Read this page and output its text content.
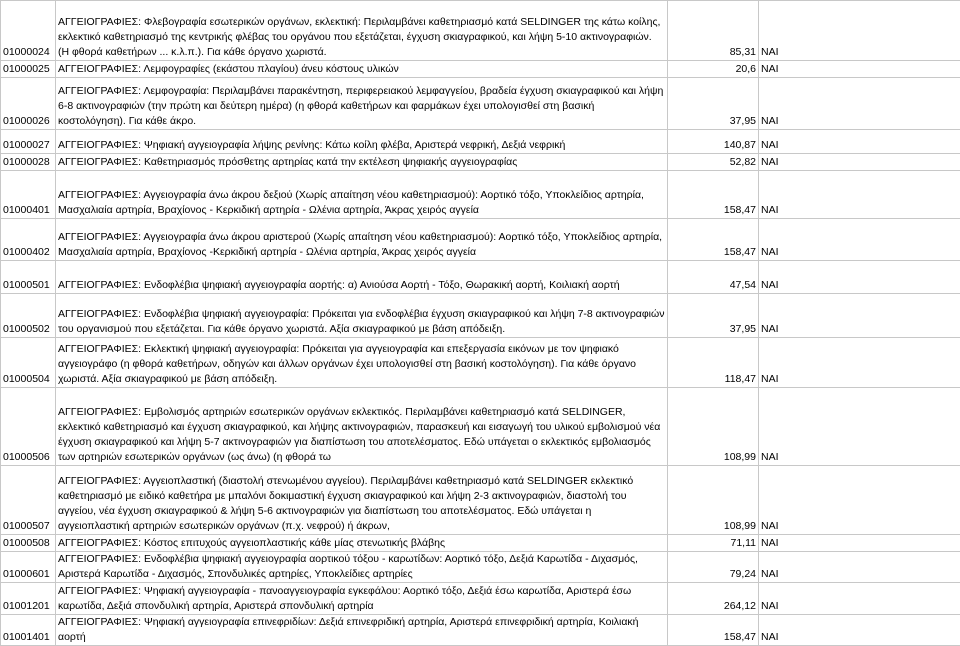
01000024	ΑΓΓΕΙΟΓΡΑΦΙΕΣ: Φλεβογραφία εσωτερικών οργάνων, εκλεκτική: Περιλαμβάνει καθετηριασμό κατά SELDINGER της κάτω κοίλης, εκλεκτικό καθετηριασμό της κεντρικής φλέβας του οργάνου που εξετάζεται, έγχυση σκιαγραφικού, και λήψη 5-10 ακτινογραφιών. (Η φθορά καθετήρων ... κ.λ.π.). Για κάθε όργανο χωριστά.	85,31	ΝΑΙ
01000025	ΑΓΓΕΙΟΓΡΑΦΙΕΣ: Λεμφογραφίες (εκάστου πλαγίου) άνευ κόστους υλικών	20,6	ΝΑΙ
01000026	ΑΓΓΕΙΟΓΡΑΦΙΕΣ: Λεμφογραφία: Περιλαμβάνει παρακέντηση, περιφερειακού λεμφαγγείου, βραδεία έγχυση σκιαγραφικού και λήψη 6-8 ακτινογραφιών (την πρώτη και δεύτερη ημέρα) (η φθορά καθετήρων και φαρμάκων έχει υπολογισθεί στη βασική κοστολόγηση). Για κάθε άκρο.	37,95	ΝΑΙ
01000027	ΑΓΓΕΙΟΓΡΑΦΙΕΣ: Ψηφιακή αγγειογραφία λήψης ρενίνης: Κάτω κοίλη φλέβα, Αριστερά νεφρική, Δεξιά νεφρική	140,87	ΝΑΙ
01000028	ΑΓΓΕΙΟΓΡΑΦΙΕΣ: Καθετηριασμός πρόσθετης αρτηρίας κατά την εκτέλεση ψηφιακής αγγειογραφίας	52,82	ΝΑΙ
01000401	ΑΓΓΕΙΟΓΡΑΦΙΕΣ: Αγγειογραφία άνω άκρου δεξιού (Χωρίς απαίτηση νέου καθετηριασμού): Αορτικό τόξο, Υποκλείδιος αρτηρία, Μασχαλιαία αρτηρία, Βραχίονος - Κερκιδική αρτηρία - Ωλένια αρτηρία, Άκρας χειρός αγγεία	158,47	ΝΑΙ
01000402	ΑΓΓΕΙΟΓΡΑΦΙΕΣ: Αγγειογραφία άνω άκρου αριστερού (Χωρίς απαίτηση νέου καθετηριασμού): Αορτικό τόξο, Υποκλείδιος αρτηρία, Μασχαλιαία αρτηρία, Βραχίονος -Κερκιδική αρτηρία - Ωλένια αρτηρία, Άκρας χειρός αγγεία	158,47	ΝΑΙ
01000501	ΑΓΓΕΙΟΓΡΑΦΙΕΣ: Ενδοφλέβια ψηφιακή αγγειογραφία αορτής: α) Ανιούσα Αορτή - Τόξο, Θωρακική αορτή, Κοιλιακή αορτή	47,54	ΝΑΙ
01000502	ΑΓΓΕΙΟΓΡΑΦΙΕΣ: Ενδοφλέβια ψηφιακή αγγειογραφία: Πρόκειται για ενδοφλέβια έγχυση σκιαγραφικού και λήψη 7-8 ακτινογραφιών του οργανισμού που εξετάζεται. Για κάθε όργανο χωριστά. Αξία σκιαγραφικού με βάση απόδειξη.	37,95	ΝΑΙ
01000504	ΑΓΓΕΙΟΓΡΑΦΙΕΣ: Εκλεκτική ψηφιακή αγγειογραφία: Πρόκειται για αγγειογραφία και επεξεργασία εικόνων με τον ψηφιακό αγγειογράφο (η φθορά καθετήρων, οδηγών και άλλων οργάνων έχει υπολογισθεί στη βασική κοστολόγηση). Για κάθε όργανο χωριστά. Αξία σκιαγραφικού με βάση απόδειξη.	118,47	ΝΑΙ
01000506	ΑΓΓΕΙΟΓΡΑΦΙΕΣ: Εμβολισμός αρτηριών εσωτερικών οργάνων εκλεκτικός. Περιλαμβάνει καθετηριασμό κατά SELDINGER, εκλεκτικό καθετηριασμό και έγχυση σκιαγραφικού, και λήψης ακτινογραφιών, παρασκευή και εισαγωγή του υλικού εμβολισμού νέα έγχυση σκιαγραφικού και λήψη 5-7 ακτινογραφιών για διαπίστωση του αποτελέσματος. Εδώ υπάγεται ο εκλεκτικός εμβολιασμός των αρτηριών εσωτερικών οργάνων (ως άνω) (η φθορά τω	108,99	ΝΑΙ
01000507	ΑΓΓΕΙΟΓΡΑΦΙΕΣ: Αγγειοπλαστική (διαστολή στενωμένου αγγείου). Περιλαμβάνει καθετηριασμό κατά SELDINGER εκλεκτικό καθετηριασμό με ειδικό καθετήρα με μπαλόνι δοκιμαστική έγχυση σκιαγραφικού και λήψη 2-3 ακτινογραφιών, διαστολή του αγγείου, νέα έγχυση σκιαγραφικού & λήψη 5-6 ακτινογραφιών για διαπίστωση του αποτελέσματος. Εδώ υπάγεται η αγγειοπλαστική αρτηριών εσωτερικών οργάνων (π.χ. νεφρού) ή άκρων,	108,99	ΝΑΙ
01000508	ΑΓΓΕΙΟΓΡΑΦΙΕΣ: Κόστος επιτυχούς αγγειοπλαστικής κάθε μίας στενωτικής βλάβης	71,11	ΝΑΙ
01000601	ΑΓΓΕΙΟΓΡΑΦΙΕΣ: Ενδοφλέβια ψηφιακή αγγειογραφία αορτικού τόξου - καρωτίδων: Αορτικό τόξο, Δεξιά Καρωτίδα - Διχασμός, Αριστερά Καρωτίδα - Διχασμός, Σπονδυλικές αρτηρίες, Υποκλείδιες αρτηρίες	79,24	ΝΑΙ
01001201	ΑΓΓΕΙΟΓΡΑΦΙΕΣ: Ψηφιακή αγγειογραφία - πανοαγγειογραφία εγκεφάλου: Αορτικό τόξο, Δεξιά έσω καρωτίδα, Αριστερά έσω καρωτίδα, Δεξιά σπονδυλική αρτηρία, Αριστερά σπονδυλική αρτηρία	264,12	ΝΑΙ
01001401	ΑΓΓΕΙΟΓΡΑΦΙΕΣ: Ψηφιακή αγγειογραφία επινεφριδίων: Δεξιά επινεφριδική αρτηρία, Αριστερά επινεφριδική αρτηρία, Κοιλιακή αορτή	158,47	ΝΑΙ
